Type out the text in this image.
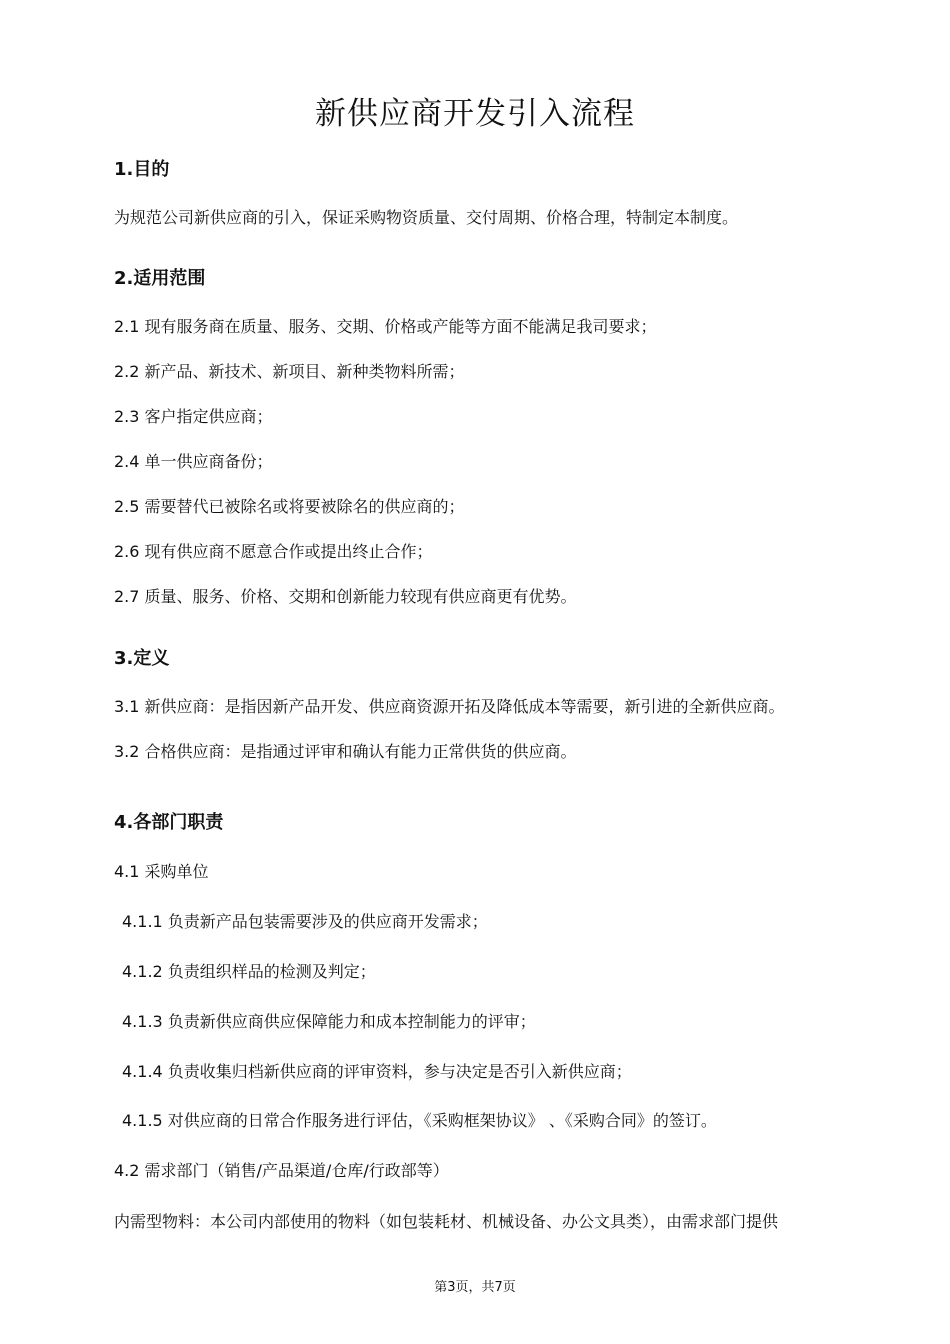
新供应商开发引入流程
1.目的
为规范公司新供应商的引入，保证采购物资质量、交付周期、价格合理，特制定本制度。
2.适用范围
2.1 现有服务商在质量、服务、交期、价格或产能等方面不能满足我司要求；
2.2 新产品、新技术、新项目、新种类物料所需；
2.3 客户指定供应商；
2.4 单一供应商备份；
2.5 需要替代已被除名或将要被除名的供应商的；
2.6 现有供应商不愿意合作或提出终止合作；
2.7 质量、服务、价格、交期和创新能力较现有供应商更有优势。
3.定义
3.1 新供应商：是指因新产品开发、供应商资源开拓及降低成本等需要，新引进的全新供应商。
3.2 合格供应商：是指通过评审和确认有能力正常供货的供应商。
4.各部门职责
4.1 采购单位
4.1.1 负责新产品包装需要涉及的供应商开发需求；
4.1.2 负责组织样品的检测及判定；
4.1.3 负责新供应商供应保障能力和成本控制能力的评审；
4.1.4 负责收集归档新供应商的评审资料，参与决定是否引入新供应商；
4.1.5 对供应商的日常合作服务进行评估，《采购框架协议》 、《采购合同》的签订。
4.2 需求部门（销售/产品渠道/仓库/行政部等）
内需型物料：本公司内部使用的物料（如包装耗材、机械设备、办公文具类），由需求部门提供
第3页，共7页
